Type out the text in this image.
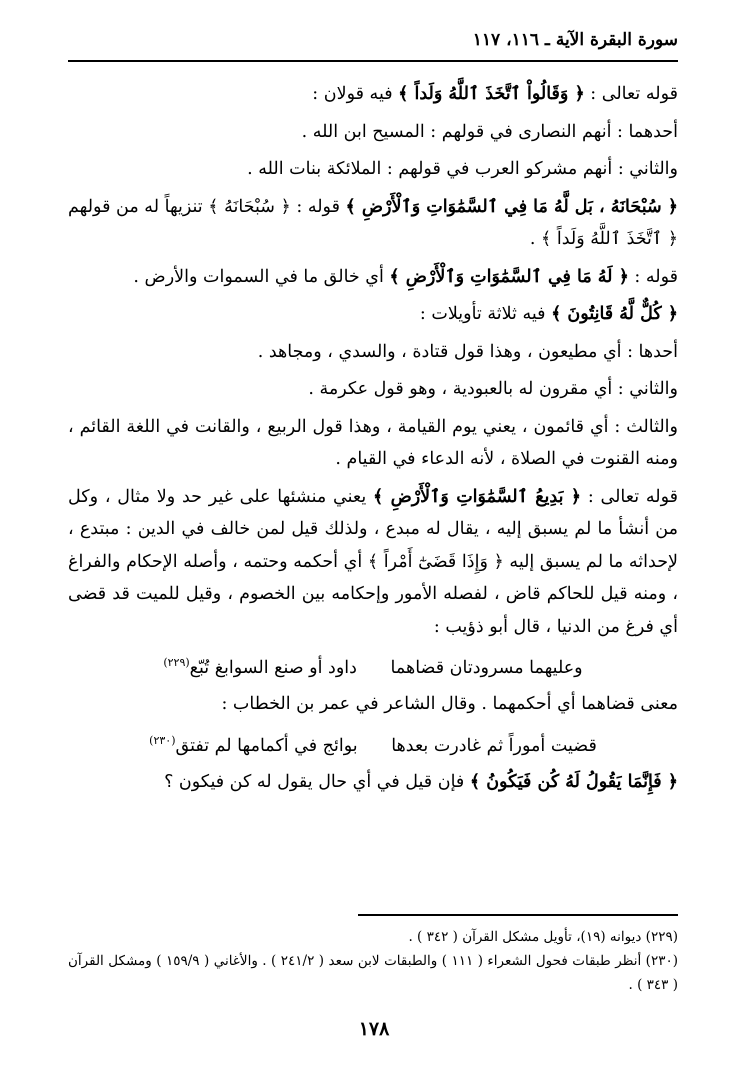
سورة البقرة الآية ـ ١١٦، ١١٧

قوله تعالى : ﴿ وَقَالُواْ ٱتَّخَذَ ٱللَّهُ وَلَداً ﴾ فيه قولان :

أحدهما : أنهم النصارى في قولهم : المسيح ابن الله .

والثاني : أنهم مشركو العرب في قولهم : الملائكة بنات الله .

﴿ سُبْحَانَهُ ، بَل لَّهُ مَا فِي ٱلسَّمَٰوَاتِ وَٱلْأَرْضِ ﴾ قوله : ﴿ سُبْحَانَهُ ﴾ تنزيهاً له من قولهم ﴿ ٱتَّخَذَ ٱللَّهُ وَلَداً ﴾ .

قوله : ﴿ لَهُ مَا فِي ٱلسَّمَٰوَاتِ وَٱلْأَرْضِ ﴾ أي خالق ما في السموات والأرض .

﴿ كُلٌّ لَّهُ قَانِتُونَ ﴾ فيه ثلاثة تأويلات :

أحدها : أي مطيعون ، وهذا قول قتادة ، والسدي ، ومجاهد .

والثاني : أي مقرون له بالعبودية ، وهو قول عكرمة .

والثالث : أي قائمون ، يعني يوم القيامة ، وهذا قول الربيع ، والقانت في اللغة القائم ، ومنه القنوت في الصلاة ، لأنه الدعاء في القيام .

قوله تعالى : ﴿ بَدِيعُ ٱلسَّمَٰوَاتِ وَٱلْأَرْضِ ﴾ يعني منشئها على غير حد ولا مثال ، وكل من أنشأ ما لم يسبق إليه ، يقال له مبدع ، ولذلك قيل لمن خالف في الدين : مبتدع ، لإحداثه ما لم يسبق إليه ﴿ وَإِذَا قَضَىٰٓ أَمْراً ﴾ أي أحكمه وحتمه ، وأصله الإحكام والفراغ ، ومنه قيل للحاكم قاض ، لفصله الأمور وإحكامه بين الخصوم ، وقيل للميت قد قضى أي فرغ من الدنيا ، قال أبو ذؤيب :

وعليهما مسرودتان قضاهما داود أو صنع السوابغ تُبّع$^{(٢٢٩)}$

معنى قضاهما أي أحكمهما . وقال الشاعر في عمر بن الخطاب :

قضيت أموراً ثم غادرت بعدها بوائج في أكمامها لم تفتق$^{(٢٣٠)}$

﴿ فَإِنَّمَا يَقُولُ لَهُ كُن فَيَكُونُ ﴾ فإن قيل في أي حال يقول له كن فيكون ؟

(٢٢٩) ديوانه (١٩)، تأويل مشكل القرآن ( ٣٤٢ ) .

(٢٣٠) أنظر طبقات فحول الشعراء ( ١١١ ) والطبقات لابن سعد ( ٢٤١/٢ ) . والأغاني ( ١٥٩/٩ ) ومشكل القرآن ( ٣٤٣ ) .

١٧٨
